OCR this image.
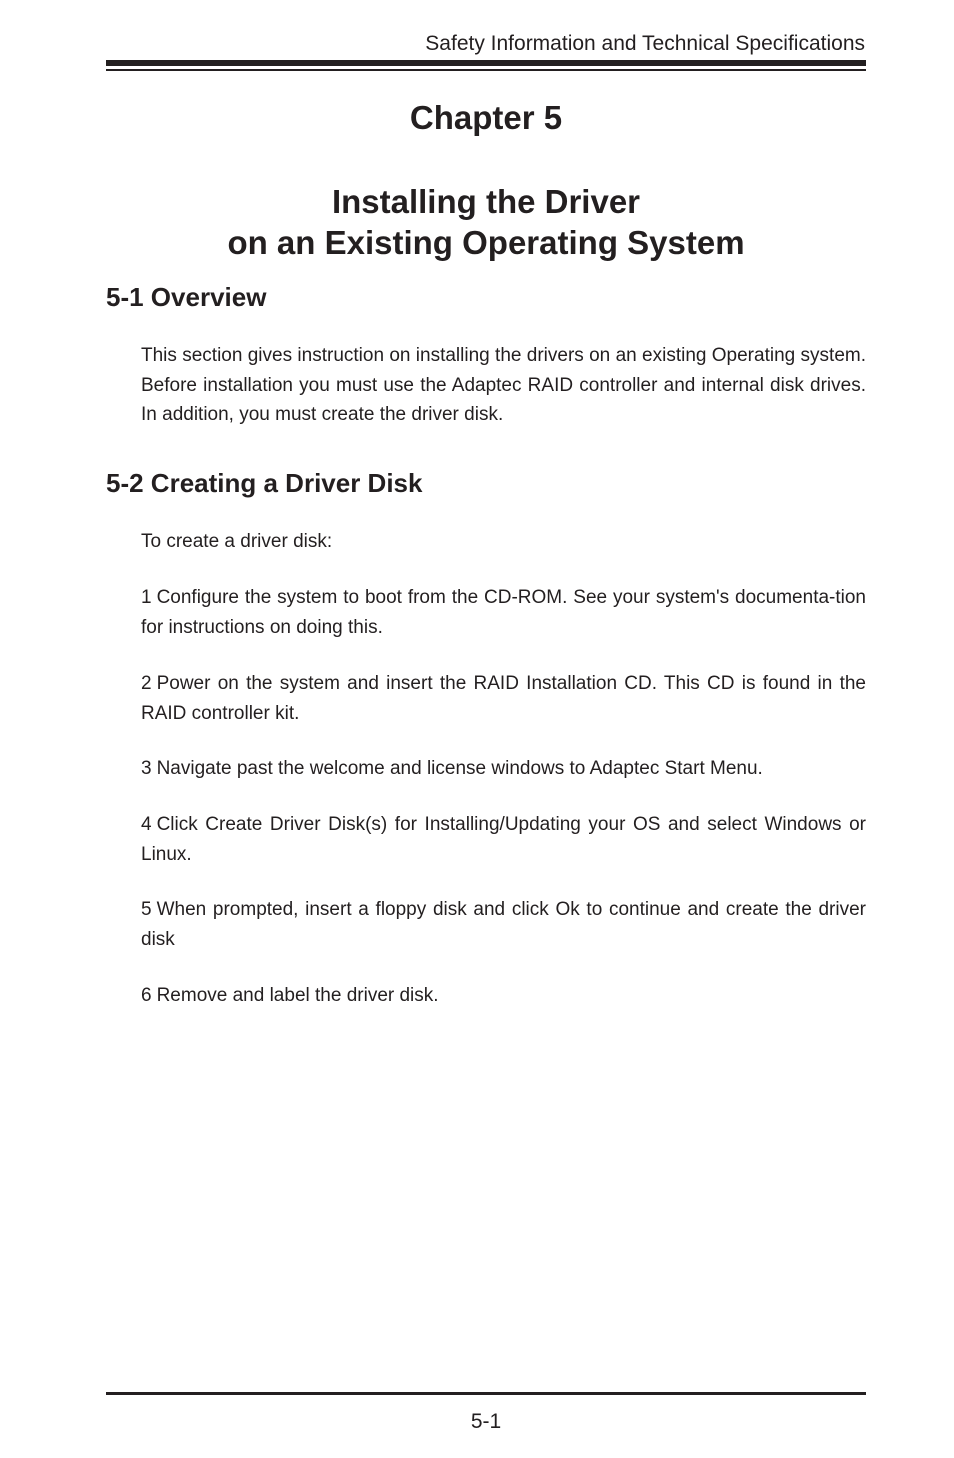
Safety Information and Technical Specifications
Chapter 5
Installing the Driver
on an Existing Operating System
5-1 Overview
This section gives instruction on installing the drivers on an existing Operating system. Before installation you must use the Adaptec RAID controller and internal disk drives. In addition, you must create the driver disk.
5-2 Creating a Driver Disk
To create a driver disk:
1 Configure the system to boot from the CD-ROM. See your system's documenta-tion for instructions on doing this.
2 Power on the system and insert the RAID Installation CD. This CD is found in the RAID controller kit.
3 Navigate past the welcome and license windows to Adaptec Start Menu.
4 Click Create Driver Disk(s) for Installing/Updating your OS and select Windows or Linux.
5 When prompted, insert a floppy disk and click Ok to continue and create the driver disk
6 Remove and label the driver disk.
5-1
